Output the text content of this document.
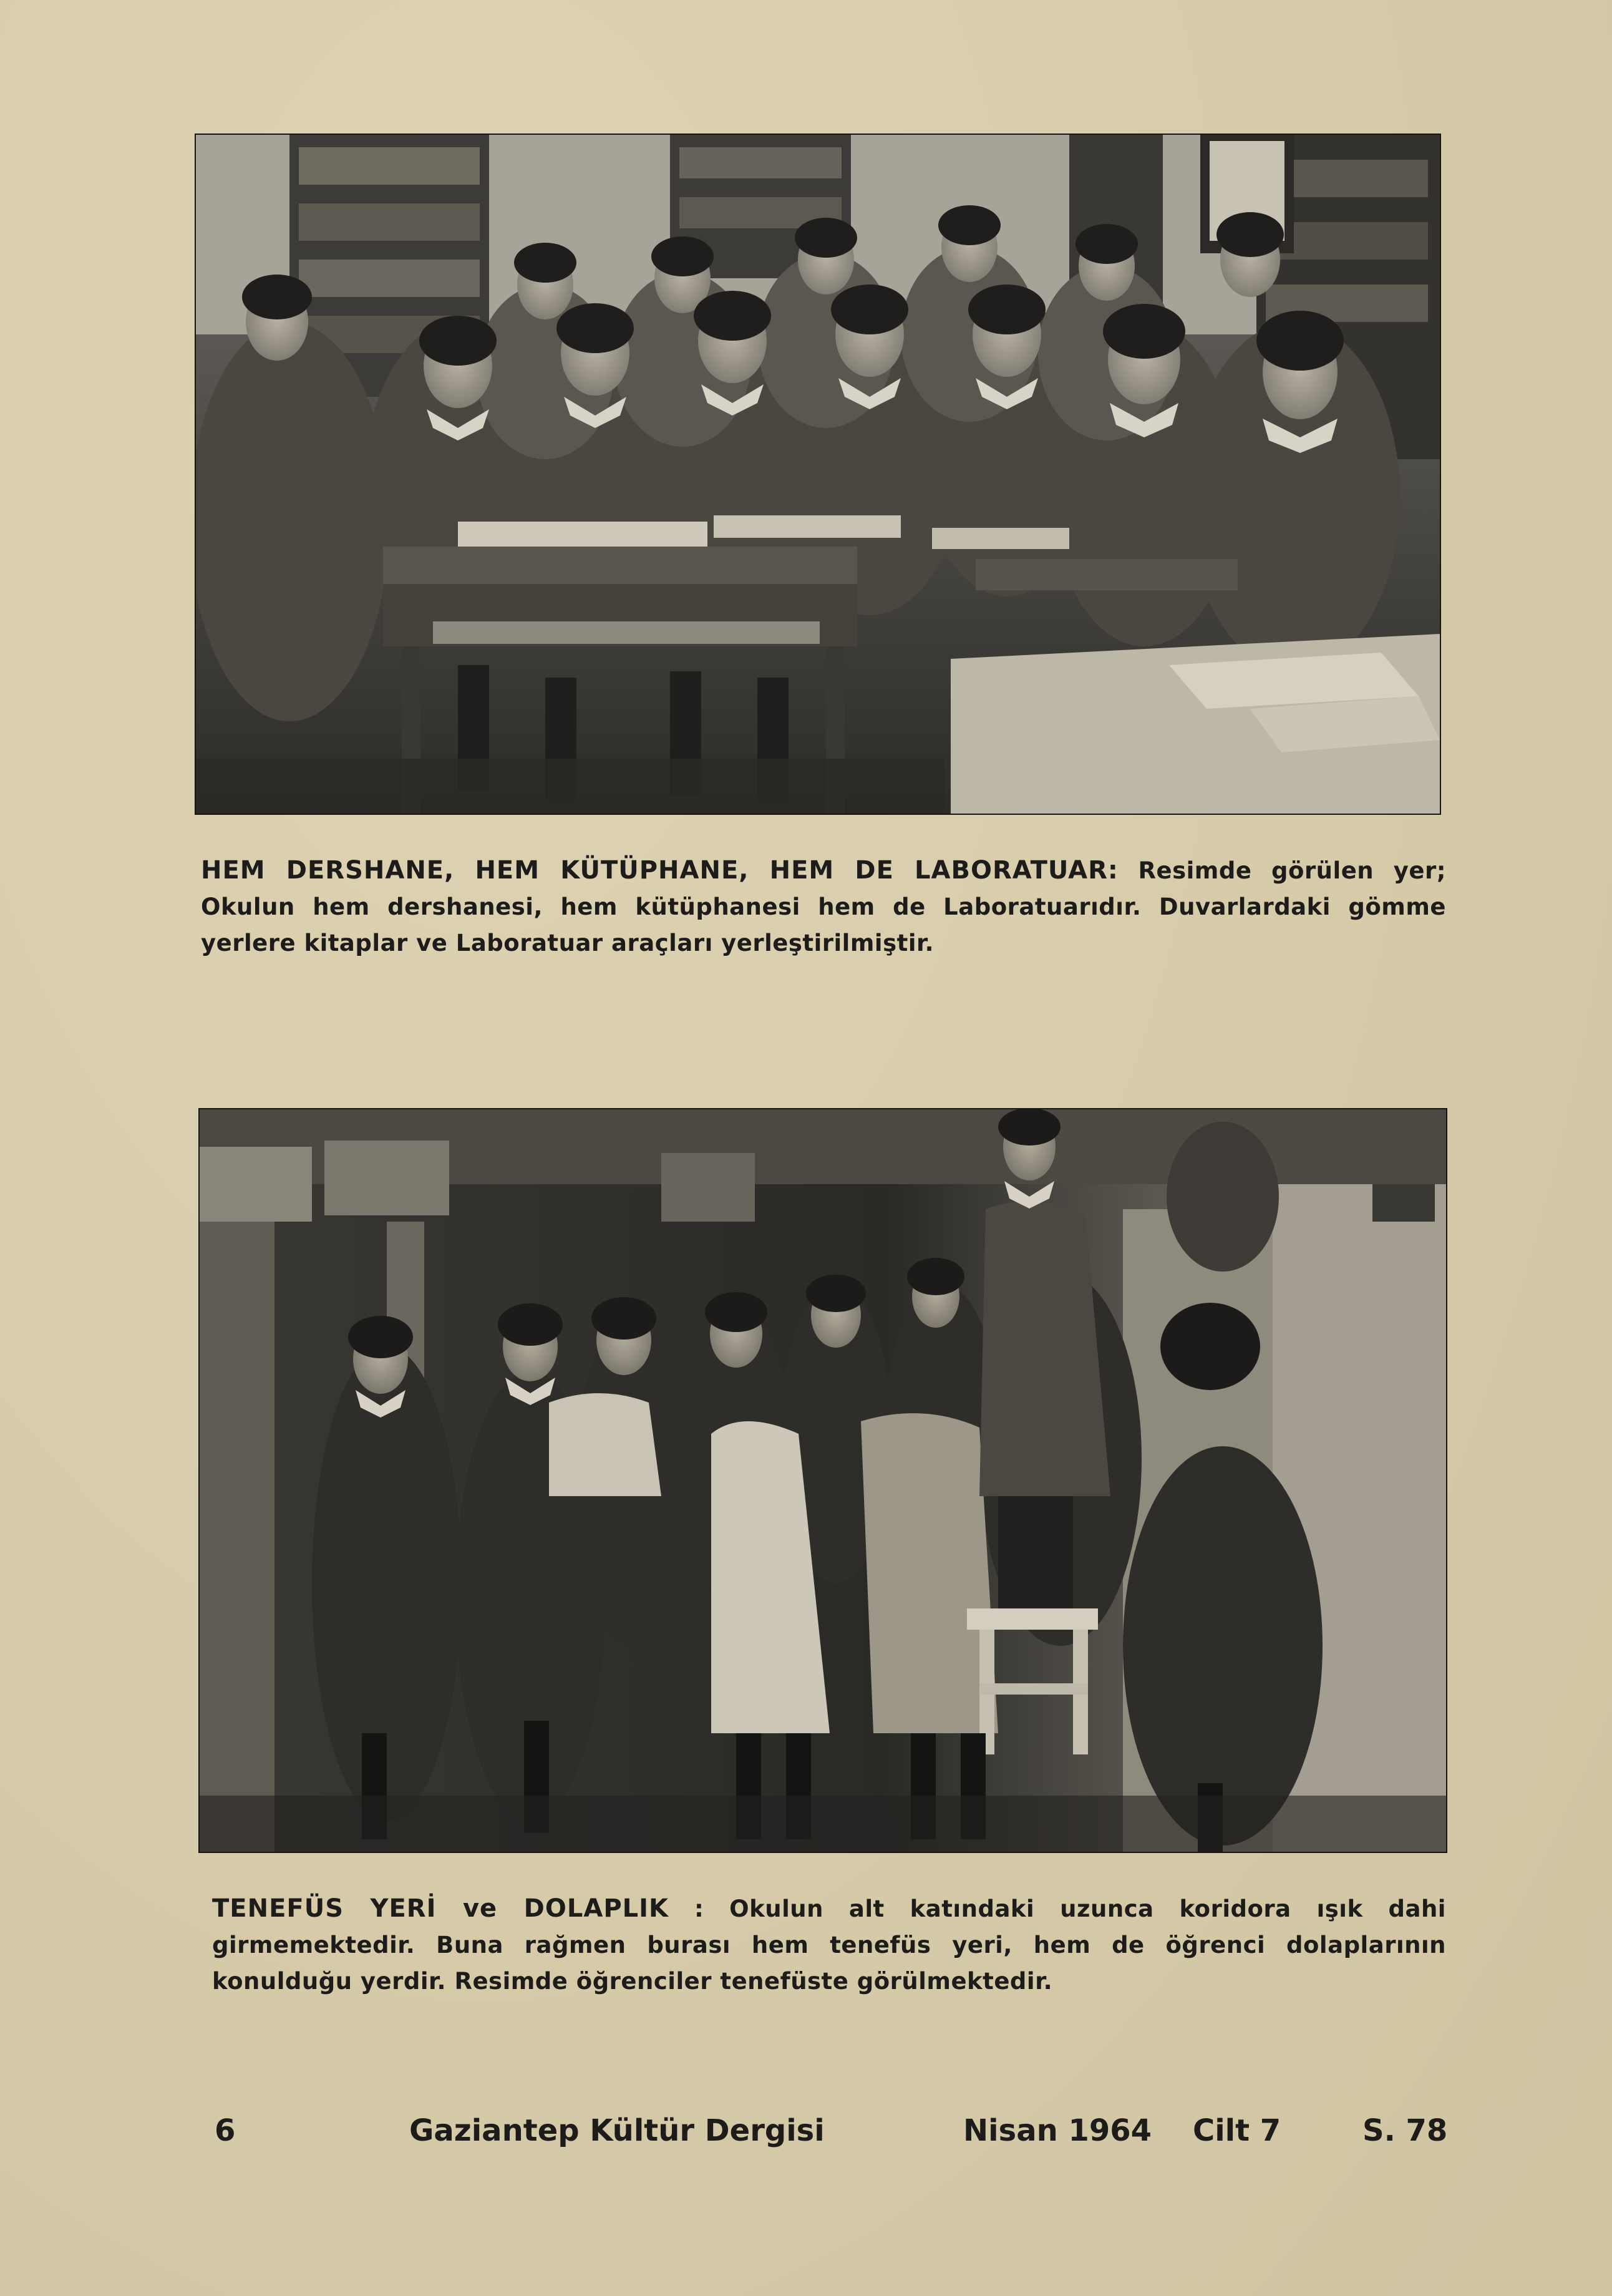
HEM DERSHANE, HEM KÜTÜPHANE, HEM DE LABORATUAR: Resimde görülen yer; Okulun hem dershanesi, hem kütüphanesi hem de Laboratuarıdır. Duvarlardaki gömme yerlere kitaplar ve Laboratuar araçları yerleştirilmiştir.
TENEFÜS YERİ ve DOLAPLIK : Okulun alt katındaki uzunca koridora ışık dahi girmemektedir. Buna rağmen burası hem tenefüs yeri, hem de öğrenci dolaplarının konulduğu yerdir. Resimde öğrenciler tenefüste görülmektedir.
6	Gaziantep Kültür Dergisi	Nisan 1964 Cilt 7	S. 78
